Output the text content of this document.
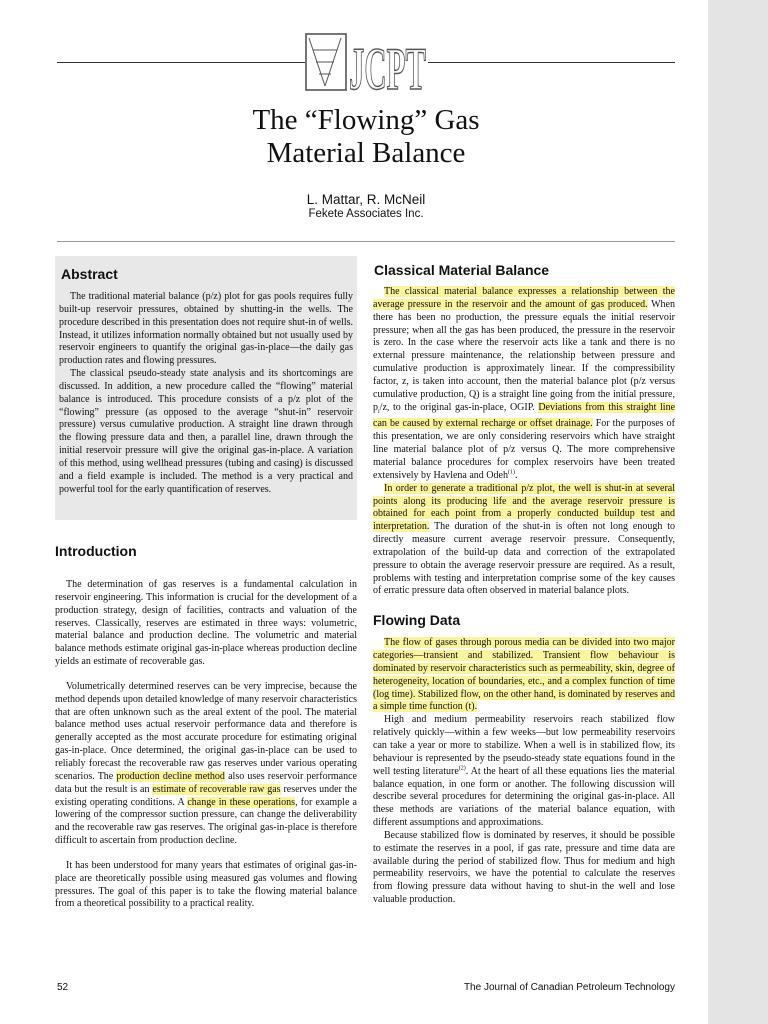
JCPT
The “Flowing” Gas
Material Balance
L. Mattar, R. McNeil
Fekete Associates Inc.
Abstract

The traditional material balance (p/z) plot for gas pools requires fully built-up reservoir pressures, obtained by shutting-in the wells. The procedure described in this presentation does not require shut-in of wells. Instead, it utilizes information normally obtained but not usually used by reservoir engineers to quantify the original gas-in-place—the daily gas production rates and flowing pressures.

The classical pseudo-steady state analysis and its shortcomings are discussed. In addition, a new procedure called the “flowing” material balance is introduced. This procedure consists of a p/z plot of the “flowing” pressure (as opposed to the average “shut-in” reservoir pressure) versus cumulative production. A straight line drawn through the flowing pressure data and then, a parallel line, drawn through the initial reservoir pressure will give the original gas-in-place. A variation of this method, using wellhead pressures (tubing and casing) is discussed and a field example is included. The method is a very practical and powerful tool for the early quantification of reserves.

Introduction

The determination of gas reserves is a fundamental calculation in reservoir engineering. This information is crucial for the development of a production strategy, design of facilities, contracts and valuation of the reserves. Classically, reserves are estimated in three ways: volumetric, material balance and production decline. The volumetric and material balance methods estimate original gas-in-place whereas production decline yields an estimate of recoverable gas.

Volumetrically determined reserves can be very imprecise, because the method depends upon detailed knowledge of many reservoir characteristics that are often unknown such as the areal extent of the pool. The material balance method uses actual reservoir performance data and therefore is generally accepted as the most accurate procedure for estimating original gas-in-place. Once determined, the original gas-in-place can be used to reliably forecast the recoverable raw gas reserves under various operating scenarios. The production decline method also uses reservoir performance data but the result is an estimate of recoverable raw gas reserves under the existing operating conditions. A change in these operations, for example a lowering of the compressor suction pressure, can change the deliverability and the recoverable raw gas reserves. The original gas-in-place is therefore difficult to ascertain from production decline.

It has been understood for many years that estimates of original gas-in-place are theoretically possible using measured gas volumes and flowing pressures. The goal of this paper is to take the flowing material balance from a theoretical possibility to a practical reality.

Classical Material Balance

The classical material balance expresses a relationship between the average pressure in the reservoir and the amount of gas produced. When there has been no production, the pressure equals the initial reservoir pressure; when all the gas has been produced, the pressure in the reservoir is zero. In the case where the reservoir acts like a tank and there is no external pressure maintenance, the relationship between pressure and cumulative production is approximately linear. If the compressibility factor, z, is taken into account, then the material balance plot (p/z versus cumulative production, Q) is a straight line going from the initial pressure, $p_i/z$, to the original gas-in-place, OGIP. Deviations from this straight line can be caused by external recharge or offset drainage. For the purposes of this presentation, we are only considering reservoirs which have straight line material balance plot of p/z versus Q. The more comprehensive material balance procedures for complex reservoirs have been treated extensively by Havlena and Odeh$^{(1)}$.

In order to generate a traditional p/z plot, the well is shut-in at several points along its producing life and the average reservoir pressure is obtained for each point from a properly conducted buildup test and interpretation. The duration of the shut-in is often not long enough to directly measure current average reservoir pressure. Consequently, extrapolation of the build-up data and correction of the extrapolated pressure to obtain the average reservoir pressure are required. As a result, problems with testing and interpretation comprise some of the key causes of erratic pressure data often observed in material balance plots.

Flowing Data

The flow of gases through porous media can be divided into two major categories—transient and stabilized. Transient flow behaviour is dominated by reservoir characteristics such as permeability, skin, degree of heterogeneity, location of boundaries, etc., and a complex function of time (log time). Stabilized flow, on the other hand, is dominated by reserves and a simple time function (t).

High and medium permeability reservoirs reach stabilized flow relatively quickly—within a few weeks—but low permeability reservoirs can take a year or more to stabilize. When a well is in stabilized flow, its behaviour is represented by the pseudo-steady state equations found in the well testing literature$^{(2)}$. At the heart of all these equations lies the material balance equation, in one form or another. The following discussion will describe several procedures for determining the original gas-in-place. All these methods are variations of the material balance equation, with different assumptions and approximations.

Because stabilized flow is dominated by reserves, it should be possible to estimate the reserves in a pool, if gas rate, pressure and time data are available during the period of stabilized flow. Thus for medium and high permeability reservoirs, we have the potential to calculate the reserves from flowing pressure data without having to shut-in the well and lose valuable production.

52	The Journal of Canadian Petroleum Technology
